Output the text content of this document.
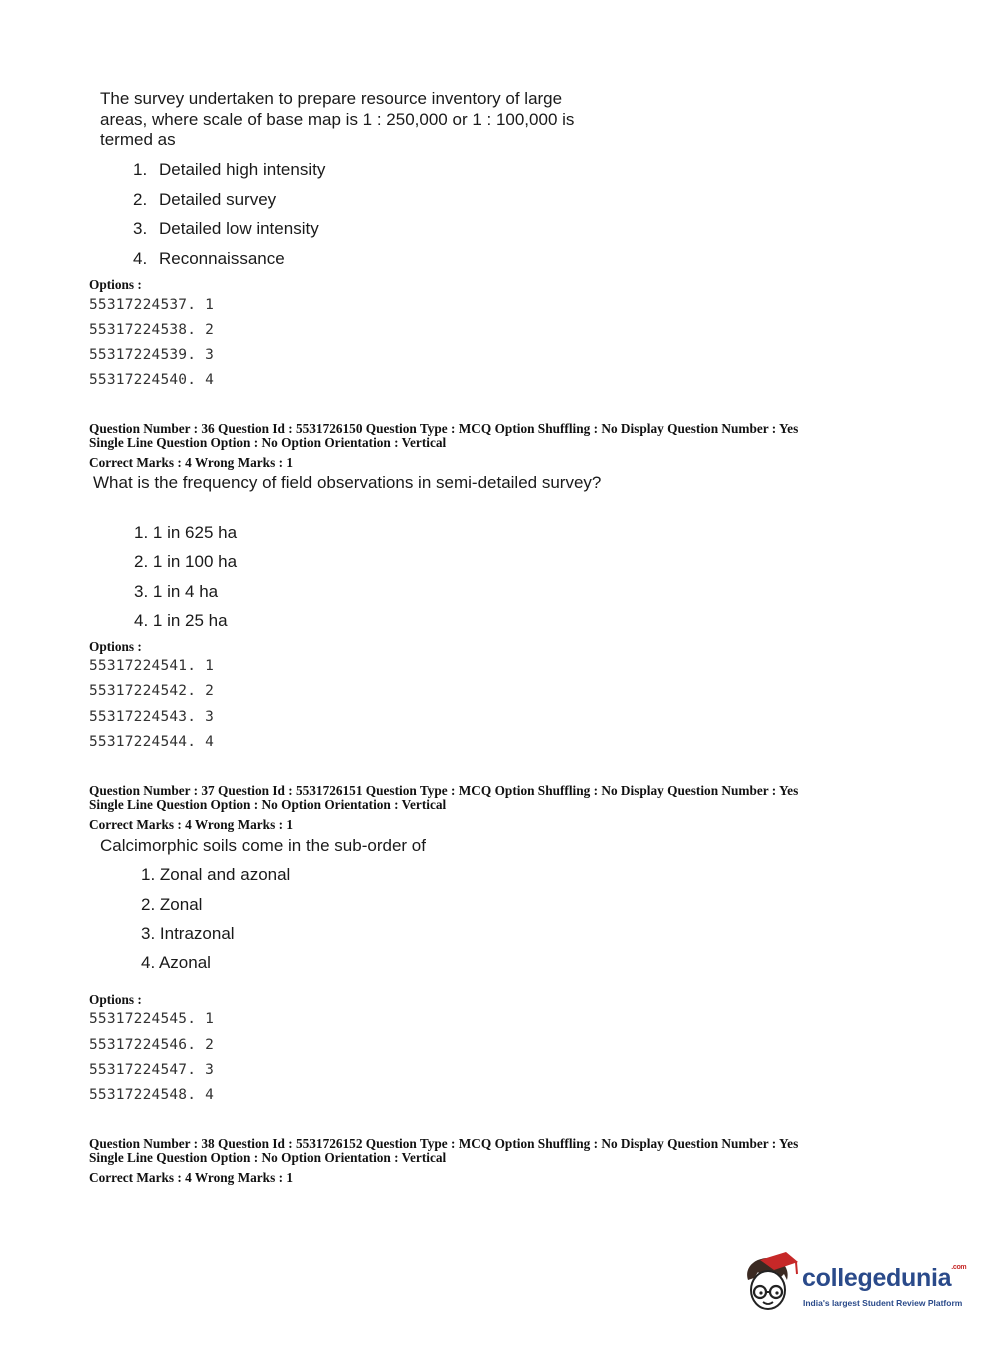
The survey undertaken to prepare resource inventory of large areas, where scale of base map is 1 : 250,000 or 1 : 100,000 is termed as
1. Detailed high intensity
2. Detailed survey
3. Detailed low intensity
4. Reconnaissance
Options :
55317224537. 1
55317224538. 2
55317224539. 3
55317224540. 4
Question Number : 36 Question Id : 5531726150 Question Type : MCQ Option Shuffling : No Display Question Number : Yes
Single Line Question Option : No Option Orientation : Vertical
Correct Marks : 4 Wrong Marks : 1
What is the frequency of field observations in semi-detailed survey?
1. 1 in 625 ha
2. 1 in 100 ha
3. 1 in 4 ha
4. 1 in 25 ha
Options :
55317224541. 1
55317224542. 2
55317224543. 3
55317224544. 4
Question Number : 37 Question Id : 5531726151 Question Type : MCQ Option Shuffling : No Display Question Number : Yes
Single Line Question Option : No Option Orientation : Vertical
Correct Marks : 4 Wrong Marks : 1
Calcimorphic soils come in the sub-order of
1. Zonal and azonal
2. Zonal
3. Intrazonal
4. Azonal
Options :
55317224545. 1
55317224546. 2
55317224547. 3
55317224548. 4
Question Number : 38 Question Id : 5531726152 Question Type : MCQ Option Shuffling : No Display Question Number : Yes
Single Line Question Option : No Option Orientation : Vertical
Correct Marks : 4 Wrong Marks : 1
collegedunia$^{.com}$
India's largest Student Review Platform
